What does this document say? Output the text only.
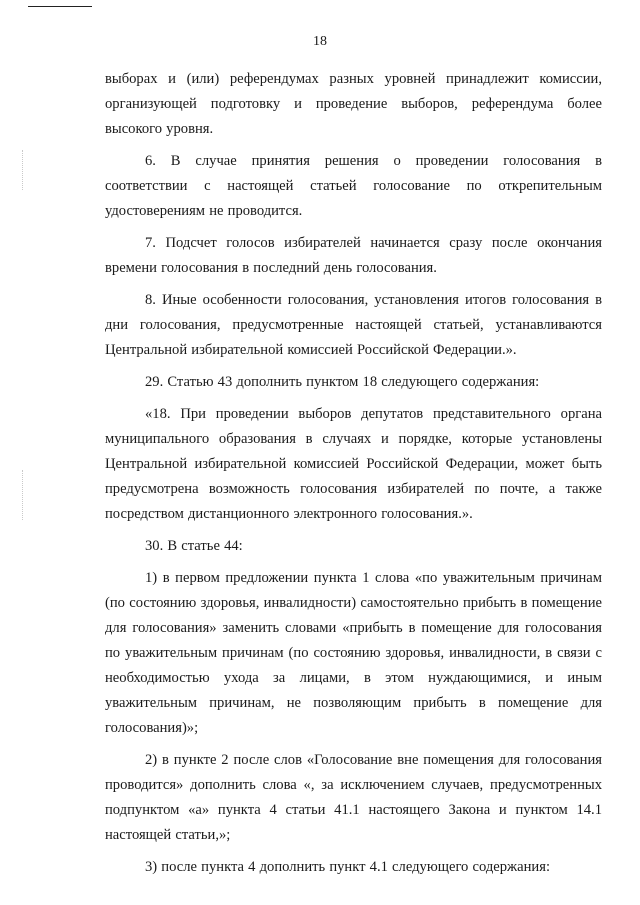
18

выборах и (или) референдумах разных уровней принадлежит комиссии, организующей подготовку и проведение выборов, референдума более высокого уровня.

6. В случае принятия решения о проведении голосования в соответствии с настоящей статьей голосование по открепительным удостоверениям не проводится.

7. Подсчет голосов избирателей начинается сразу после окончания времени голосования в последний день голосования.

8. Иные особенности голосования, установления итогов голосования в дни голосования, предусмотренные настоящей статьей, устанавливаются Центральной избирательной комиссией Российской Федерации.».

29. Статью 43 дополнить пунктом 18 следующего содержания:

«18. При проведении выборов депутатов представительного органа муниципального образования в случаях и порядке, которые установлены Центральной избирательной комиссией Российской Федерации, может быть предусмотрена возможность голосования избирателей по почте, а также посредством дистанционного электронного голосования.».

30. В статье 44:

1) в первом предложении пункта 1 слова «по уважительным причинам (по состоянию здоровья, инвалидности) самостоятельно прибыть в помещение для голосования» заменить словами «прибыть в помещение для голосования по уважительным причинам (по состоянию здоровья, инвалидности, в связи с необходимостью ухода за лицами, в этом нуждающимися, и иным уважительным причинам, не позволяющим прибыть в помещение для голосования)»;

2) в пункте 2 после слов «Голосование вне помещения для голосования проводится» дополнить слова «, за исключением случаев, предусмотренных подпунктом «а» пункта 4 статьи 41.1 настоящего Закона и пунктом 14.1 настоящей статьи,»;

3) после пункта 4 дополнить пункт 4.1 следующего содержания:
